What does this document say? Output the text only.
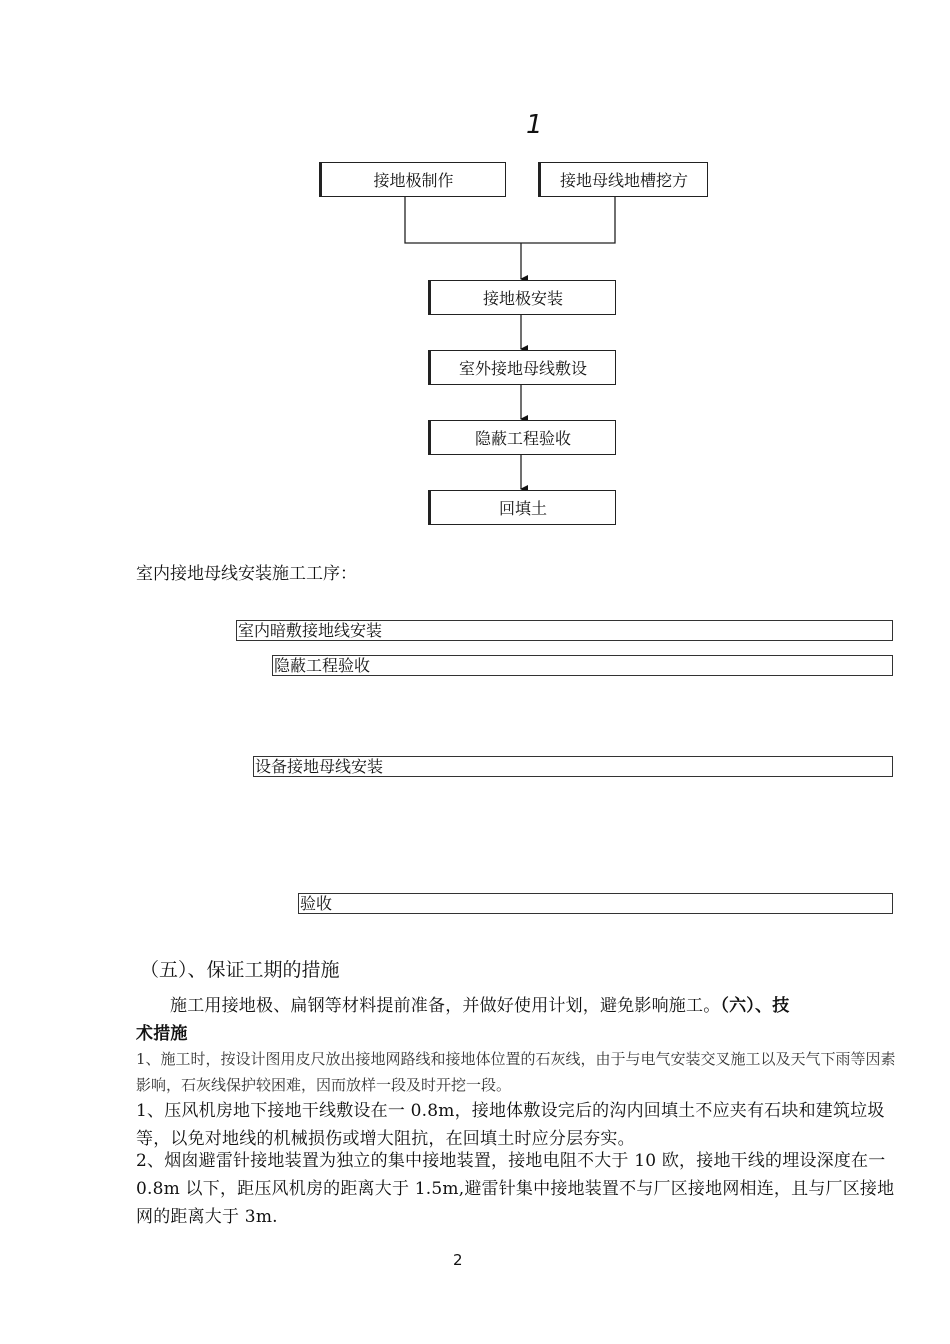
1
接地极制作	接地母线地槽挖方
接地极安装
室外接地母线敷设
隐蔽工程验收
回填土
室内接地母线安装施工工序：
室内暗敷接地线安装
隐蔽工程验收
设备接地母线安装
验收
（五）、保证工期的措施
施工用接地极、扁钢等材料提前准备，并做好使用计划，避免影响施工。（六）、技
术措施
1、施工时，按设计图用皮尺放出接地网路线和接地体位置的石灰线，由于与电气安装交叉施工以及天气下雨等因素影响，石灰线保护较困难，因而放样一段及时开挖一段。
1、压风机房地下接地干线敷设在一 0.8m，接地体敷设完后的沟内回填土不应夹有石块和建筑垃圾等，以免对地线的机械损伤或增大阻抗，在回填土时应分层夯实。
2、烟囱避雷针接地装置为独立的集中接地装置，接地电阻不大于 10 欧，接地干线的埋设深度在一 0.8m 以下，距压风机房的距离大于 1.5m,避雷针集中接地装置不与厂区接地网相连，且与厂区接地网的距离大于 3m.
2
